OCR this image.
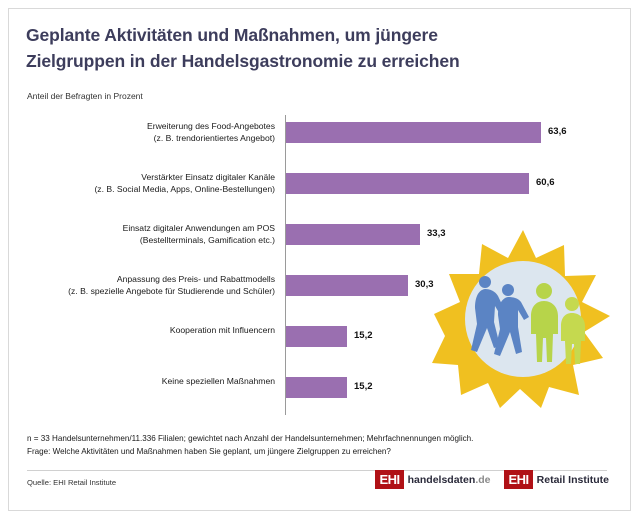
Geplante Aktivitäten und Maßnahmen, um jüngere
Zielgruppen in der Handelsgastronomie zu erreichen
Anteil der Befragten in Prozent
Erweiterung des Food-Angebotes
(z. B. trendorientiertes Angebot)
63,6
Verstärkter Einsatz digitaler Kanäle
(z. B. Social Media, Apps, Online-Bestellungen)
60,6
Einsatz digitaler Anwendungen am POS
(Bestellterminals, Gamification etc.)
33,3
Anpassung des Preis- und Rabattmodells
(z. B. spezielle Angebote für Studierende und Schüler)
30,3
Kooperation mit Influencern	15,2
Keine speziellen Maßnahmen	15,2
n = 33 Handelsunternehmen/11.336 Filialen; gewichtet nach Anzahl der Handelsunternehmen; Mehrfachnennungen möglich.
Frage: Welche Aktivitäten und Maßnahmen haben Sie geplant, um jüngere Zielgruppen zu erreichen?
Quelle: EHI Retail Institute	EHI handelsdaten.de	EHI Retail Institute
